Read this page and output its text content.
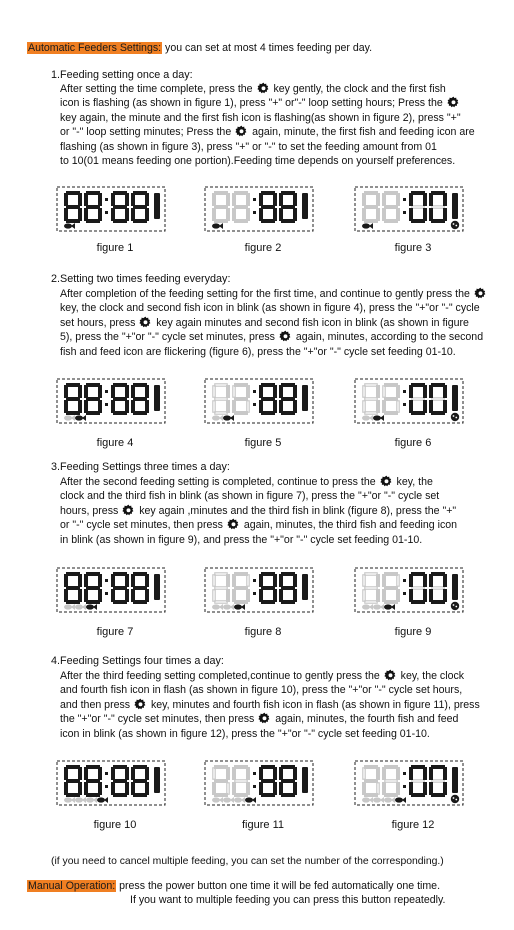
Automatic Feeders Settings: you can set at most 4 times feeding per day.
1.Feeding setting once a day:
After setting the time complete, press the  key gently, the clock and the first fish
icon is flashing (as shown in figure 1), press "+" or"-" loop setting hours; Press the
key again, the minute and the first fish icon is flashing(as shown in figure 2), press "+"
or "-" loop setting minutes; Press the  again, minute, the first fish and feeding icon are
flashing (as shown in figure 3), press "+" or "-" to set the feeding amount from 01
to 10(01 means feeding one portion).Feeding time depends on yourself preferences.
figure 1	figure 2	figure 3
2.Setting two times feeding everyday:
After completion of the feeding setting for the first time, and continue to gently press the
key, the clock and second fish icon in blink (as shown in figure 4), press the "+"or "-" cycle
set hours, press  key again minutes and second fish icon in blink (as shown in figure
5), press the "+"or "-" cycle set minutes, press  again, minutes, according to the second
fish and feed icon are flickering (figure 6), press the "+"or "-" cycle set feeding 01-10.
figure 4	figure 5	figure 6
3.Feeding Settings three times a day:
After the second feeding setting is completed, continue to press the  key, the
clock and the third fish in blink (as shown in figure 7), press the "+"or "-" cycle set
hours, press  key again ,minutes and the third fish in blink (figure 8), press the "+"
or "-" cycle set minutes, then press  again, minutes, the third fish and feeding icon
in blink (as shown in figure 9), and press the "+"or "-" cycle set feeding 01-10.
figure 7	figure 8	figure 9
4.Feeding Settings four times a day:
After the third feeding setting completed,continue to gently press the  key, the clock
and fourth fish icon in flash (as shown in figure 10), press the "+"or "-" cycle set hours,
and then press  key, minutes and fourth fish icon in flash (as shown in figure 11), press
the "+"or "-" cycle set minutes, then press  again, minutes, the fourth fish and feed
icon in blink (as shown in figure 12), press the "+"or "-" cycle set feeding 01-10.
figure 10	figure 11	figure 12
(if you need to cancel multiple feeding, you can set the number of the corresponding.)
Manual Operation: press the power button one time it will be fed automatically one time.
If you want to multiple feeding you can press this button repeatedly.
